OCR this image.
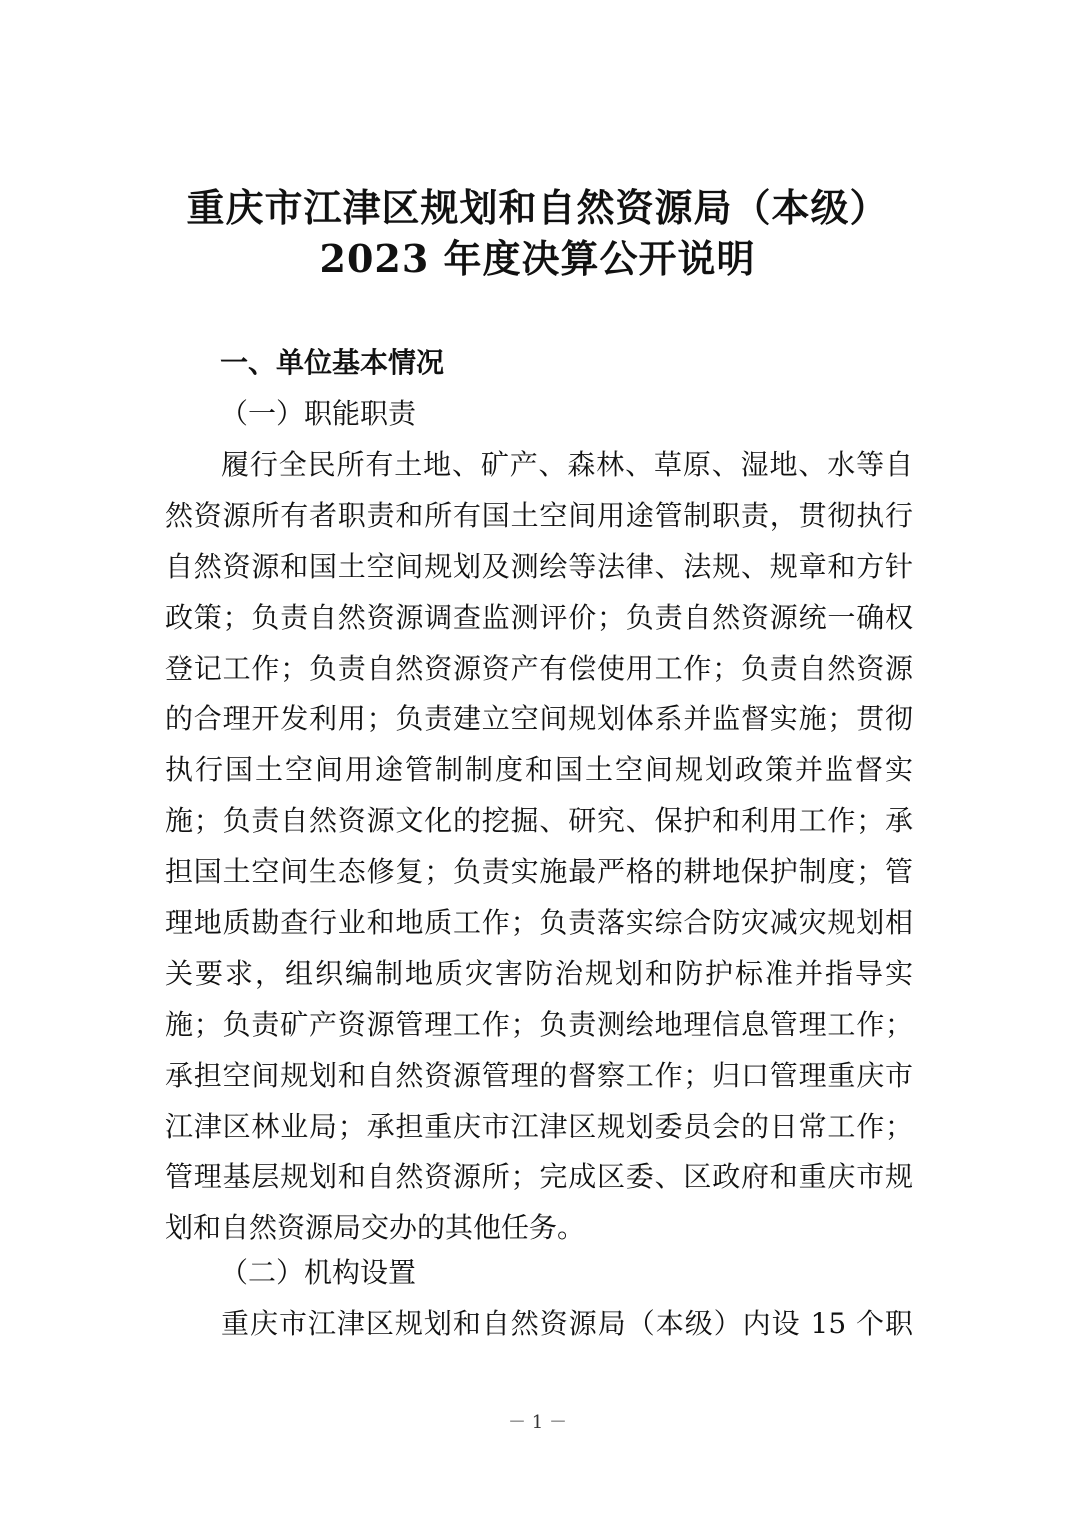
重庆市江津区规划和自然资源局（本级）
2023 年度决算公开说明
一、单位基本情况
（一）职能职责
履行全民所有土地、矿产、森林、草原、湿地、水等自
然资源所有者职责和所有国土空间用途管制职责，贯彻执行
自然资源和国土空间规划及测绘等法律、法规、规章和方针
政策；负责自然资源调查监测评价；负责自然资源统一确权
登记工作；负责自然资源资产有偿使用工作；负责自然资源
的合理开发利用；负责建立空间规划体系并监督实施；贯彻
执行国土空间用途管制制度和国土空间规划政策并监督实
施；负责自然资源文化的挖掘、研究、保护和利用工作；承
担国土空间生态修复；负责实施最严格的耕地保护制度；管
理地质勘查行业和地质工作；负责落实综合防灾减灾规划相
关要求，组织编制地质灾害防治规划和防护标准并指导实
施；负责矿产资源管理工作；负责测绘地理信息管理工作；
承担空间规划和自然资源管理的督察工作；归口管理重庆市
江津区林业局；承担重庆市江津区规划委员会的日常工作；
管理基层规划和自然资源所；完成区委、区政府和重庆市规
划和自然资源局交办的其他任务。
（二）机构设置
重庆市江津区规划和自然资源局（本级）内设 15 个职
－ 1 －
